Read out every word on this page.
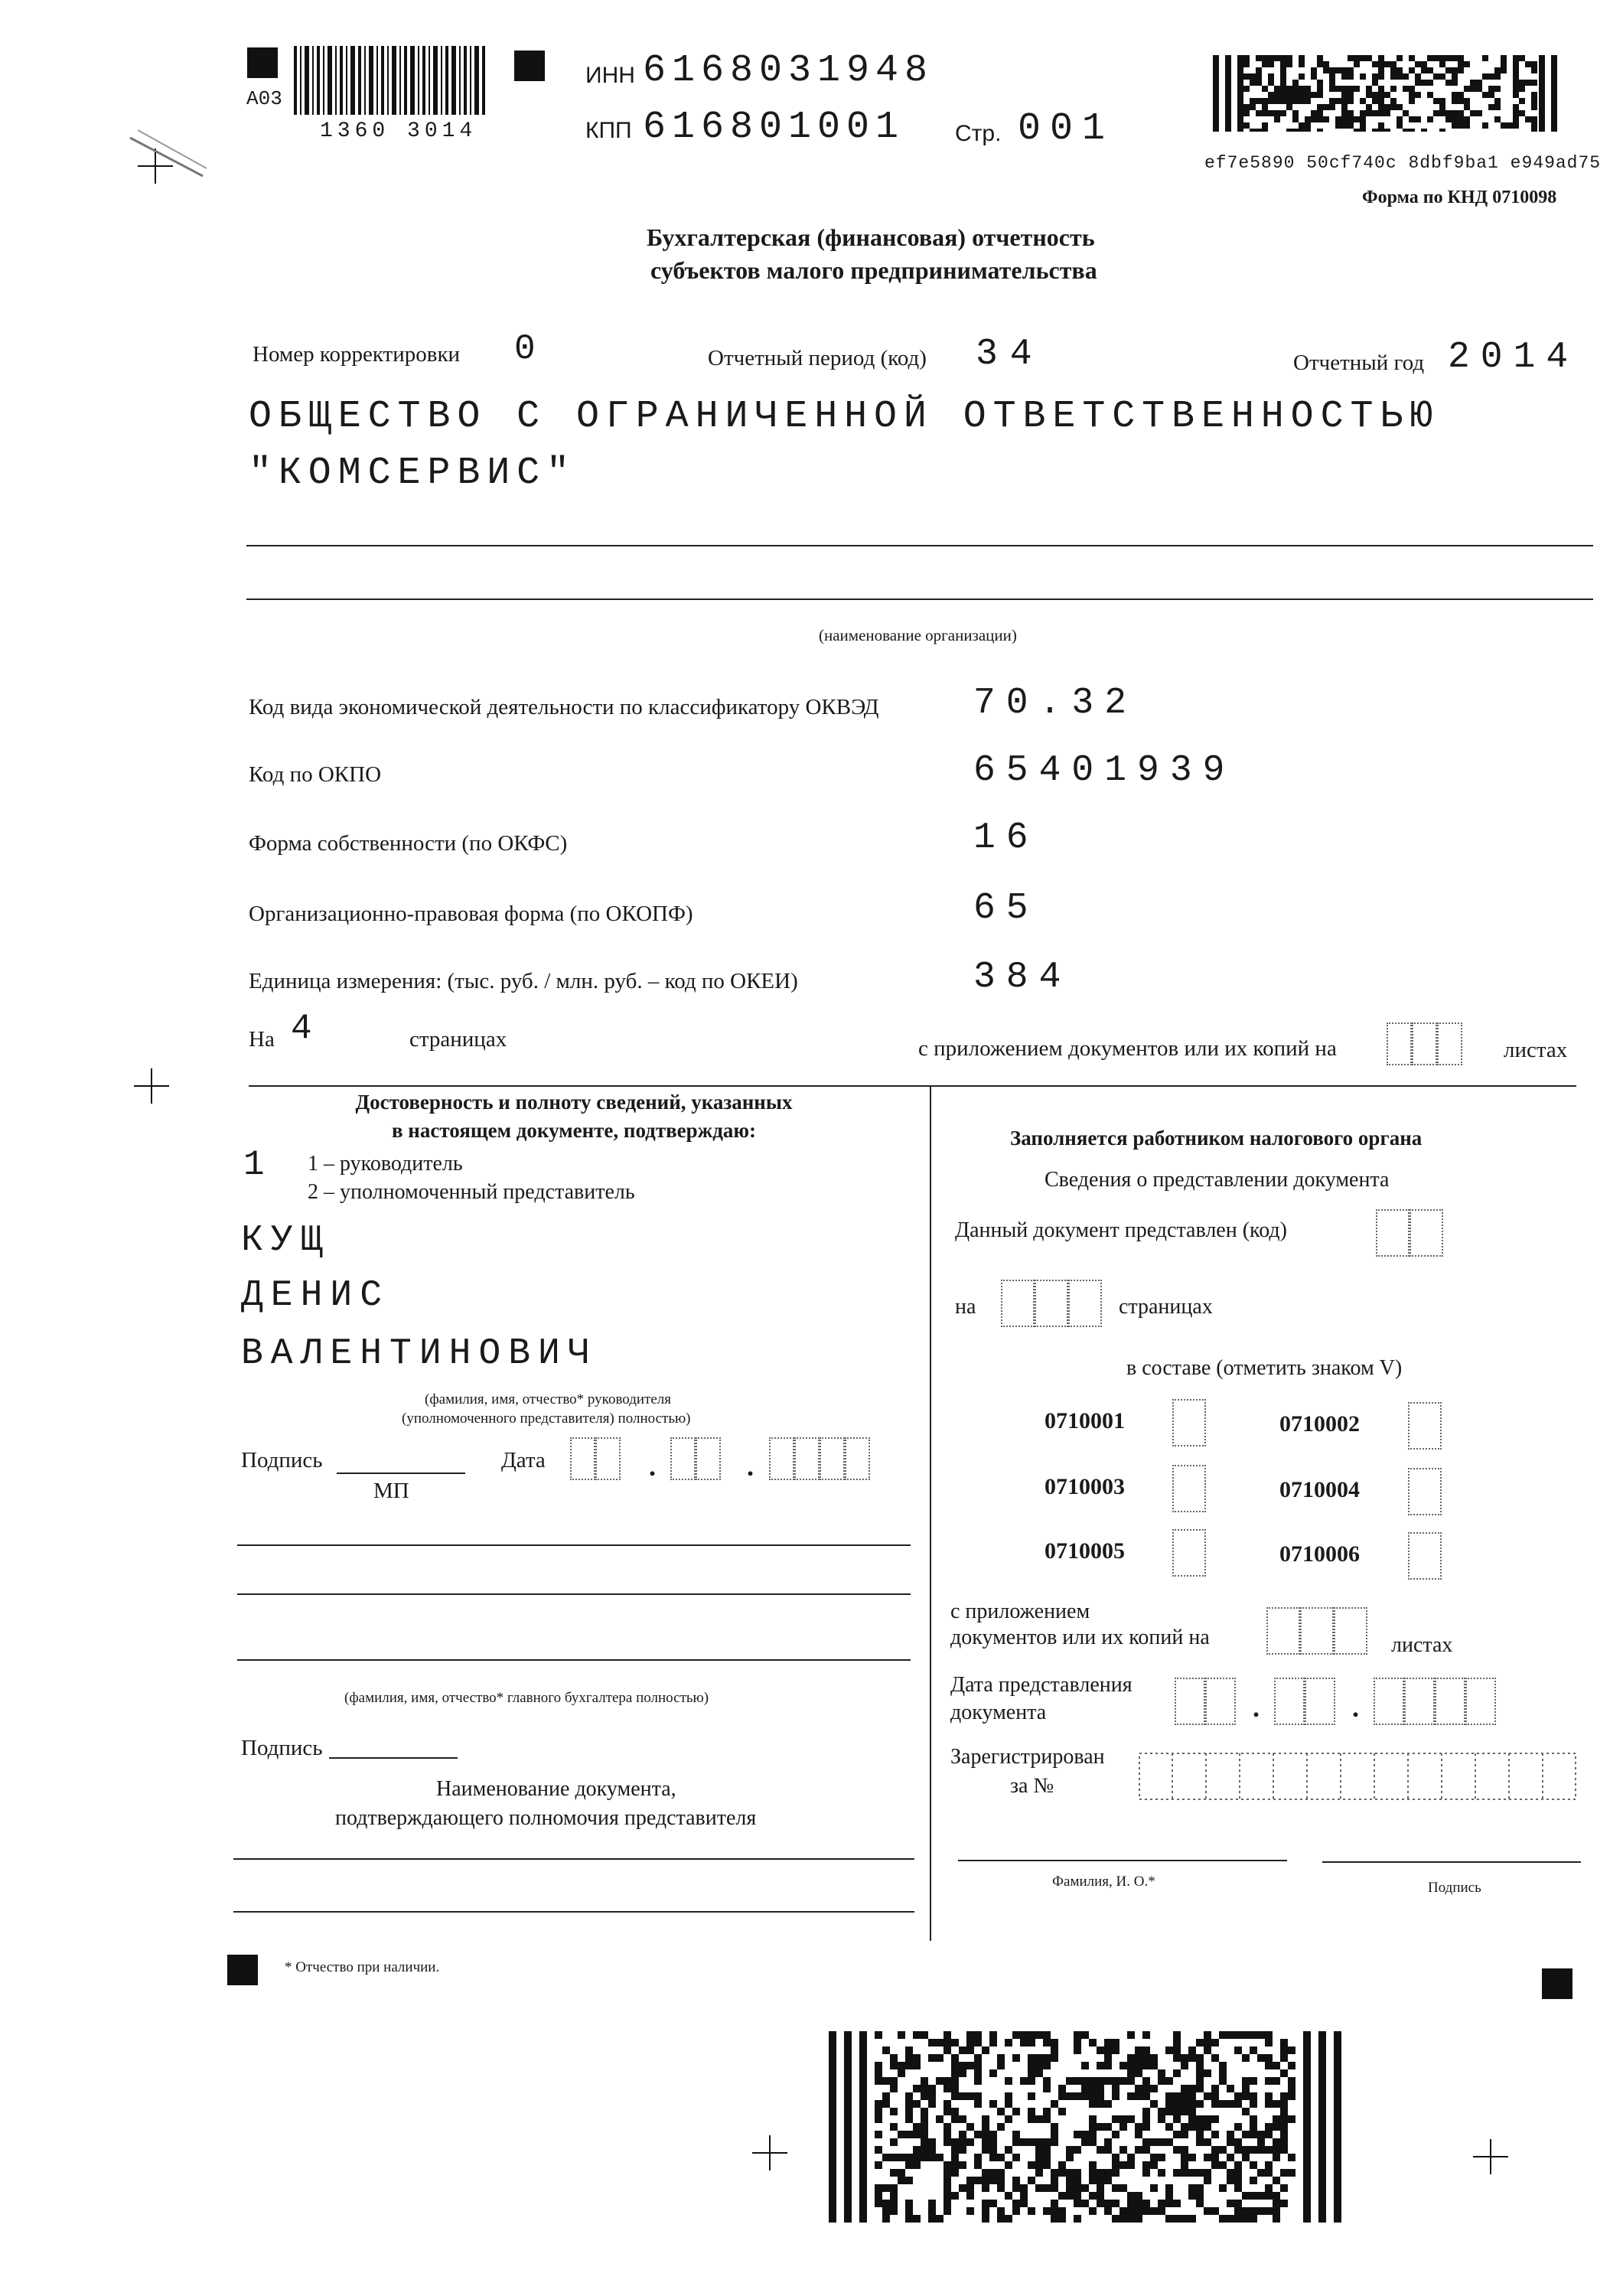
A03
1360 3014
ИНН 6168031948
КПП 616801001 Стр. 001
ef7e5890 50cf740c 8dbf9ba1 e949ad75
Форма по КНД 0710098
Бухгалтерская (финансовая) отчетность
субъектов малого предпринимательства
Номер корректировки 0	Отчетный период (код) 34	Отчетный год 2014
ОБЩЕСТВО С ОГРАНИЧЕННОЙ ОТВЕТСТВЕННОСТЬЮ
"КОМСЕРВИС"
(наименование организации)
Код вида экономической деятельности по классификатору ОКВЭД	70.32
Код по ОКПО	65401939
Форма собственности (по ОКФС)	16
Организационно-правовая форма (по ОКОПФ)	65
Единица измерения: (тыс. руб. / млн. руб. – код по ОКЕИ)	384
На 4	страницах	с приложением документов или их копий на	листах
Достоверность и полноту сведений, указанных
в настоящем документе, подтверждаю:
1 1 – руководитель
2 – уполномоченный представитель
КУЩ
ДЕНИС
ВАЛЕНТИНОВИЧ
(фамилия, имя, отчество* руководителя
(уполномоченного представителя) полностью)
Подпись	Дата	.	.
МП
(фамилия, имя, отчество* главного бухгалтера полностью)
Подпись
Наименование документа,
подтверждающего полномочия представителя
Заполняется работником налогового органа
Сведения о представлении документа
Данный документ представлен (код)
на	страницах
в составе (отметить знаком V)
0710001	0710002
0710003	0710004
0710005	0710006
с приложением
документов или их копий на	листах
Дата представления
документа	.	.
Зарегистрирован
за №
Фамилия, И. О.*	Подпись
* Отчество при наличии.
